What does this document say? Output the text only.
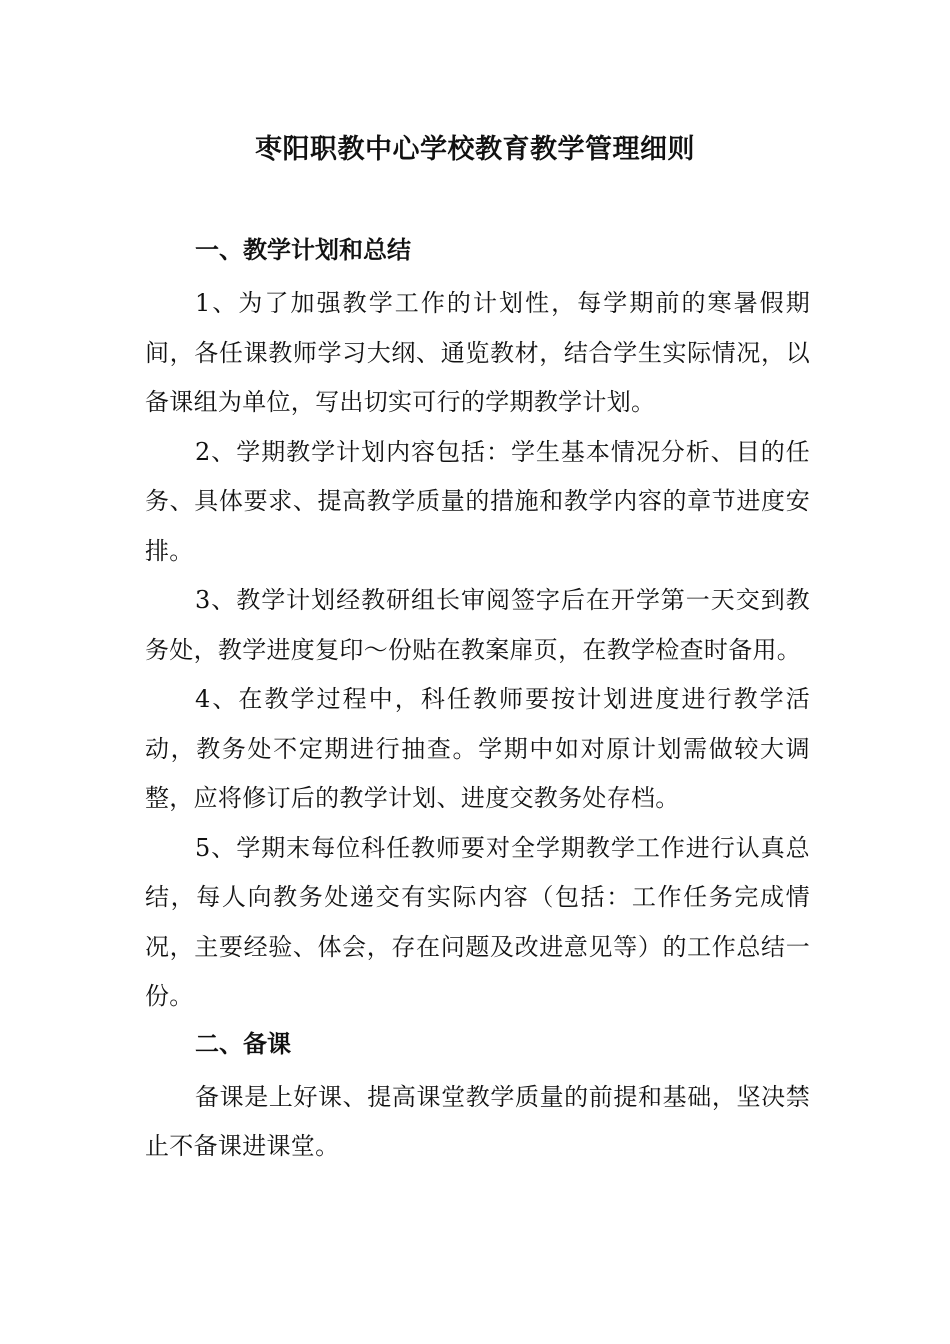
枣阳职教中心学校教育教学管理细则
一、教学计划和总结

1、为了加强教学工作的计划性，每学期前的寒暑假期间，各任课教师学习大纲、通览教材，结合学生实际情况，以备课组为单位，写出切实可行的学期教学计划。

2、学期教学计划内容包括：学生基本情况分析、目的任务、具体要求、提高教学质量的措施和教学内容的章节进度安排。

3、教学计划经教研组长审阅签字后在开学第一天交到教务处，教学进度复印～份贴在教案扉页，在教学检查时备用。

4、在教学过程中，科任教师要按计划进度进行教学活动，教务处不定期进行抽查。学期中如对原计划需做较大调整，应将修订后的教学计划、进度交教务处存档。

5、学期末每位科任教师要对全学期教学工作进行认真总结，每人向教务处递交有实际内容（包括：工作任务完成情况，主要经验、体会，存在问题及改进意见等）的工作总结一份。

二、备课

备课是上好课、提高课堂教学质量的前提和基础，坚决禁止不备课进课堂。
